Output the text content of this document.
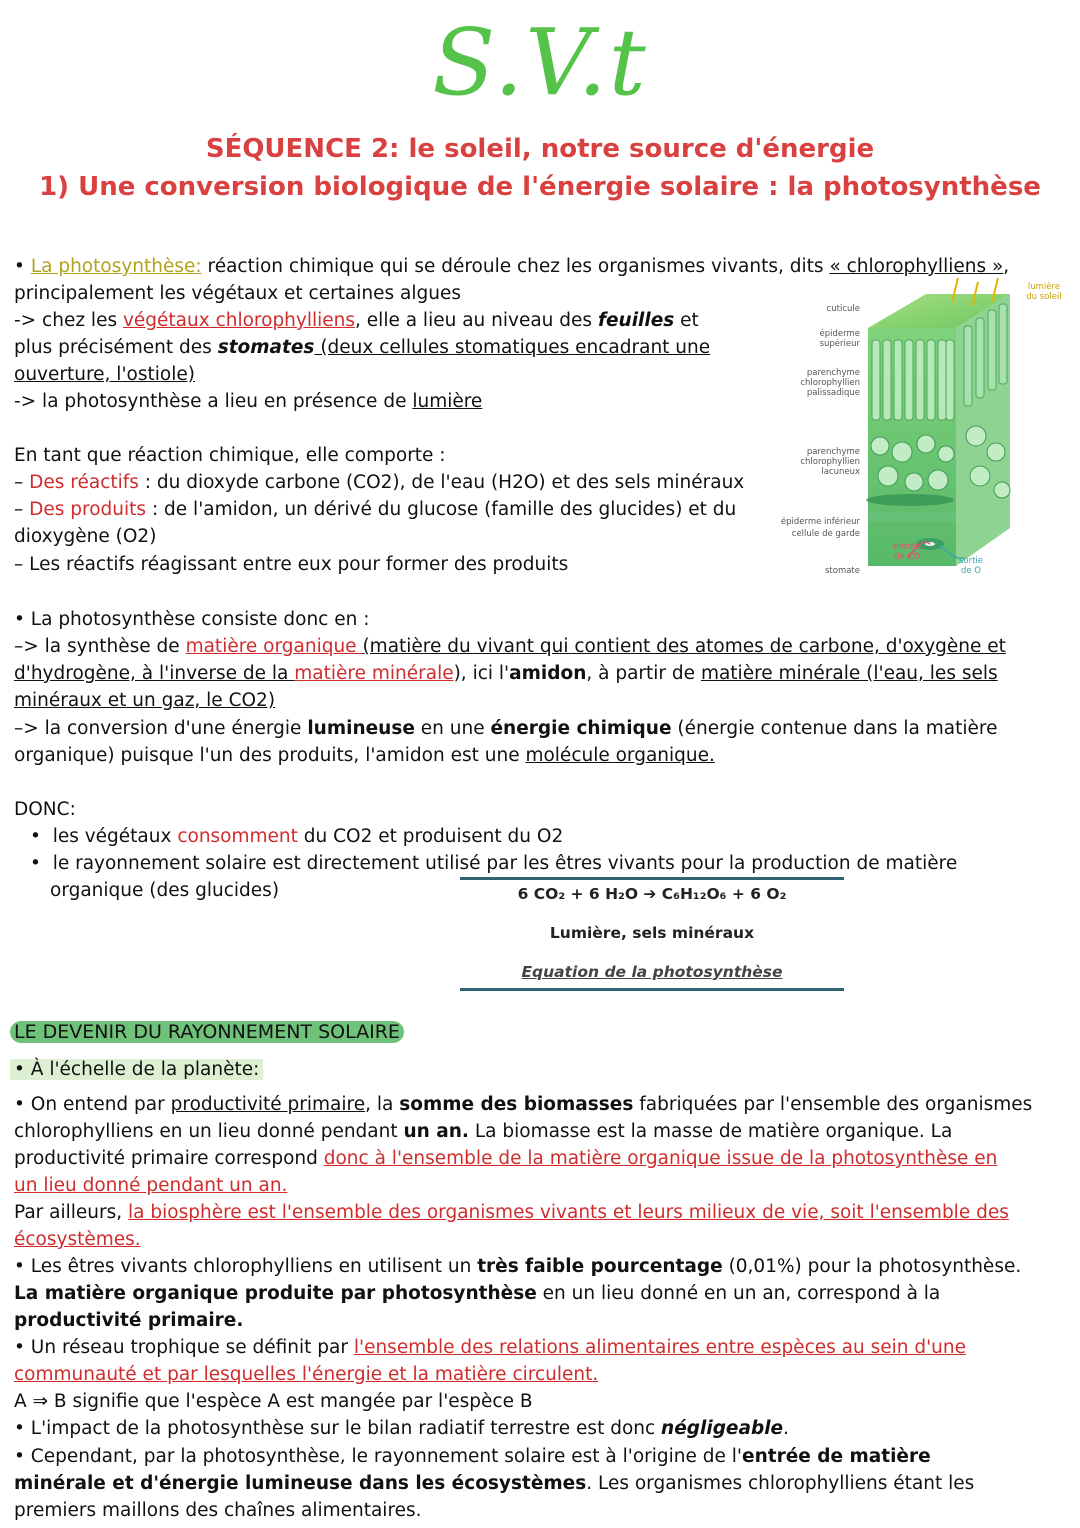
S.V.t
SÉQUENCE 2: le soleil, notre source d'énergie
1) Une conversion biologique de l'énergie solaire : la photosynthèse
• La photosynthèse: réaction chimique qui se déroule chez les organismes vivants, dits « chlorophylliens »,
principalement les végétaux et certaines algues
-> chez les végétaux chlorophylliens, elle a lieu au niveau des feuilles et
plus précisément des stomates (deux cellules stomatiques encadrant une
ouverture, l'ostiole)
-> la photosynthèse a lieu en présence de lumière
En tant que réaction chimique, elle comporte :
– Des réactifs : du dioxyde carbone (CO2), de l'eau (H2O) et des sels minéraux
– Des produits : de l'amidon, un dérivé du glucose (famille des glucides) et du
dioxygène (O2)
– Les réactifs réagissant entre eux pour former des produits
cuticule
épiderme supérieur
parenchyme
chlorophyllien
palissadique
parenchyme
chlorophyllien
lacuneux
épiderme inférieur
cellule de garde
stomate
lumière
du soleil
entrée
de CO	sortie
de O
• La photosynthèse consiste donc en :
–> la synthèse de matière organique (matière du vivant qui contient des atomes de carbone, d'oxygène et
d'hydrogène, à l'inverse de la matière minérale), ici l'amidon, à partir de matière minérale (l'eau, les sels
minéraux et un gaz, le CO2)
–> la conversion d'une énergie lumineuse en une énergie chimique (énergie contenue dans la matière
organique) puisque l'un des produits, l'amidon est une molécule organique.
DONC:
•  les végétaux consomment du CO2 et produisent du O2
•  le rayonnement solaire est directement utilisé par les êtres vivants pour la production de matière
organique (des glucides)	6 CO₂ + 6 H₂O ➔ C₆H₁₂O₆ + 6 O₂
Lumière, sels minéraux
Equation de la photosynthèse
LE DEVENIR DU RAYONNEMENT SOLAIRE
• À l'échelle de la planète:
• On entend par productivité primaire, la somme des biomasses fabriquées par l'ensemble des organismes
chlorophylliens en un lieu donné pendant un an. La biomasse est la masse de matière organique. La
productivité primaire correspond donc à l'ensemble de la matière organique issue de la photosynthèse en
un lieu donné pendant un an.
Par ailleurs, la biosphère est l'ensemble des organismes vivants et leurs milieux de vie, soit l'ensemble des
écosystèmes.
• Les êtres vivants chlorophylliens en utilisent un très faible pourcentage (0,01%) pour la photosynthèse.
La matière organique produite par photosynthèse en un lieu donné en un an, correspond à la
productivité primaire.
• Un réseau trophique se définit par l'ensemble des relations alimentaires entre espèces au sein d'une
communauté et par lesquelles l'énergie et la matière circulent.
A ⇒ B signifie que l'espèce A est mangée par l'espèce B
• L'impact de la photosynthèse sur le bilan radiatif terrestre est donc négligeable.
• Cependant, par la photosynthèse, le rayonnement solaire est à l'origine de l'entrée de matière
minérale et d'énergie lumineuse dans les écosystèmes. Les organismes chlorophylliens étant les
premiers maillons des chaînes alimentaires.
